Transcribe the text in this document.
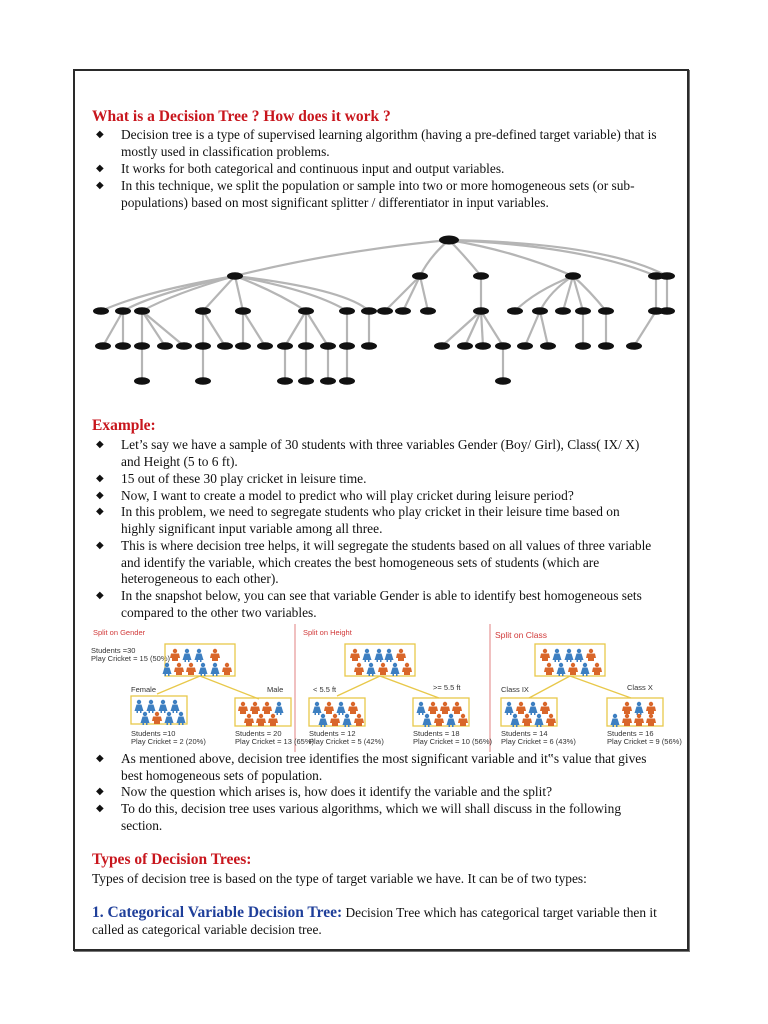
What is a Decision Tree ? How does it work ?
◆ Decision tree is a type of supervised learning algorithm (having a pre-defined target variable) that is mostly used in classification problems.
◆ It works for both categorical and continuous input and output variables.
◆ In this technique, we split the population or sample into two or more homogeneous sets (or sub-populations) based on most significant splitter / differentiator in input variables.
Example:
◆ Let’s say we have a sample of 30 students with three variables Gender (Boy/ Girl), Class( IX/ X) and Height (5 to 6 ft).
◆ 15 out of these 30 play cricket in leisure time.
◆ Now, I want to create a model to predict who will play cricket during leisure period?
◆ In this problem, we need to segregate students who play cricket in their leisure time based on highly significant input variable among all three.
◆ This is where decision tree helps, it will segregate the students based on all values of three variable and identify the variable, which creates the best homogeneous sets of students (which are heterogeneous to each other).
◆ In the snapshot below, you can see that variable Gender is able to identify best homogeneous sets compared to the other two variables.
Split on Gender
Students =30
Play Cricket = 15 (50%)
Female	Male
Students =10
Play Cricket = 2 (20%)
Students = 20
Play Cricket = 13 (65%)
Split on Height
< 5.5 ft	>= 5.5 ft
Students = 12
Play Cricket = 5 (42%)
Students = 18
Play Cricket = 10 (56%)
Split on Class
Class IX	Class X
Students = 14
Play Cricket = 6 (43%)
Students = 16
Play Cricket = 9 (56%)
◆ As mentioned above, decision tree identifies the most significant variable and it‟s value that gives best homogeneous sets of population.
◆ Now the question which arises is, how does it identify the variable and the split?
◆ To do this, decision tree uses various algorithms, which we will shall discuss in the following section.
Types of Decision Trees:
Types of decision tree is based on the type of target variable we have. It can be of two types:
1. Categorical Variable Decision Tree: Decision Tree which has categorical target variable then it called as categorical variable decision tree.
